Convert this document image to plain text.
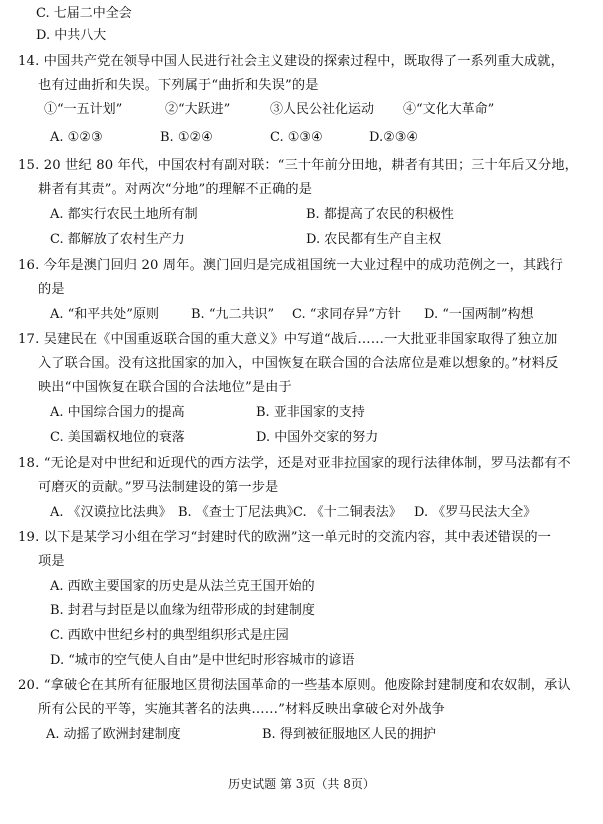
C. 七届二中全会
D. 中共八大
14. 中国共产党在领导中国人民进行社会主义建设的探索过程中，既取得了一系列重大成就，
也有过曲折和失误。下列属于“曲折和失误”的是
①“一五计划”	②“大跃进”	③人民公社化运动 ④“文化大革命”
A. ①②③	B. ①②④	C. ①③④	D.②③④
15. 20 世纪 80 年代，中国农村有副对联：“三十年前分田地，耕者有其田；三十年后又分地，
耕者有其责”。对两次“分地”的理解不正确的是
A. 都实行农民土地所有制	B. 都提高了农民的积极性
C. 都解放了农村生产力	D. 农民都有生产自主权
16. 今年是澳门回归 20 周年。澳门回归是完成祖国统一大业过程中的成功范例之一，其践行
的是
A. “和平共处”原则 B. “九二共识” C. “求同存异”方针 D. “一国两制”构想
17. 吴建民在《中国重返联合国的重大意义》中写道“战后……一大批亚非国家取得了独立加
入了联合国。没有这批国家的加入，中国恢复在联合国的合法席位是难以想象的。”材料反
映出“中国恢复在联合国的合法地位”是由于
A. 中国综合国力的提高	B. 亚非国家的支持
C. 美国霸权地位的衰落	D. 中国外交家的努力
18. “无论是对中世纪和近现代的西方法学，还是对亚非拉国家的现行法律体制，罗马法都有不
可磨灭的贡献。”罗马法制建设的第一步是
A. 《汉谟拉比法典》 B. 《查士丁尼法典》
C. 《十二铜表法》 D. 《罗马民法大全》
19. 以下是某学习小组在学习“封建时代的欧洲”这一单元时的交流内容，其中表述错误的一
项是
A. 西欧主要国家的历史是从法兰克王国开始的
B. 封君与封臣是以血缘为纽带形成的封建制度
C. 西欧中世纪乡村的典型组织形式是庄园
D. “城市的空气使人自由”是中世纪时形容城市的谚语
20. “拿破仑在其所有征服地区贯彻法国革命的一些基本原则。他废除封建制度和农奴制，承认
所有公民的平等，实施其著名的法典……”材料反映出拿破仑对外战争
A. 动摇了欧洲封建制度	B. 得到被征服地区人民的拥护
历史试题 第 3页（共 8页）
